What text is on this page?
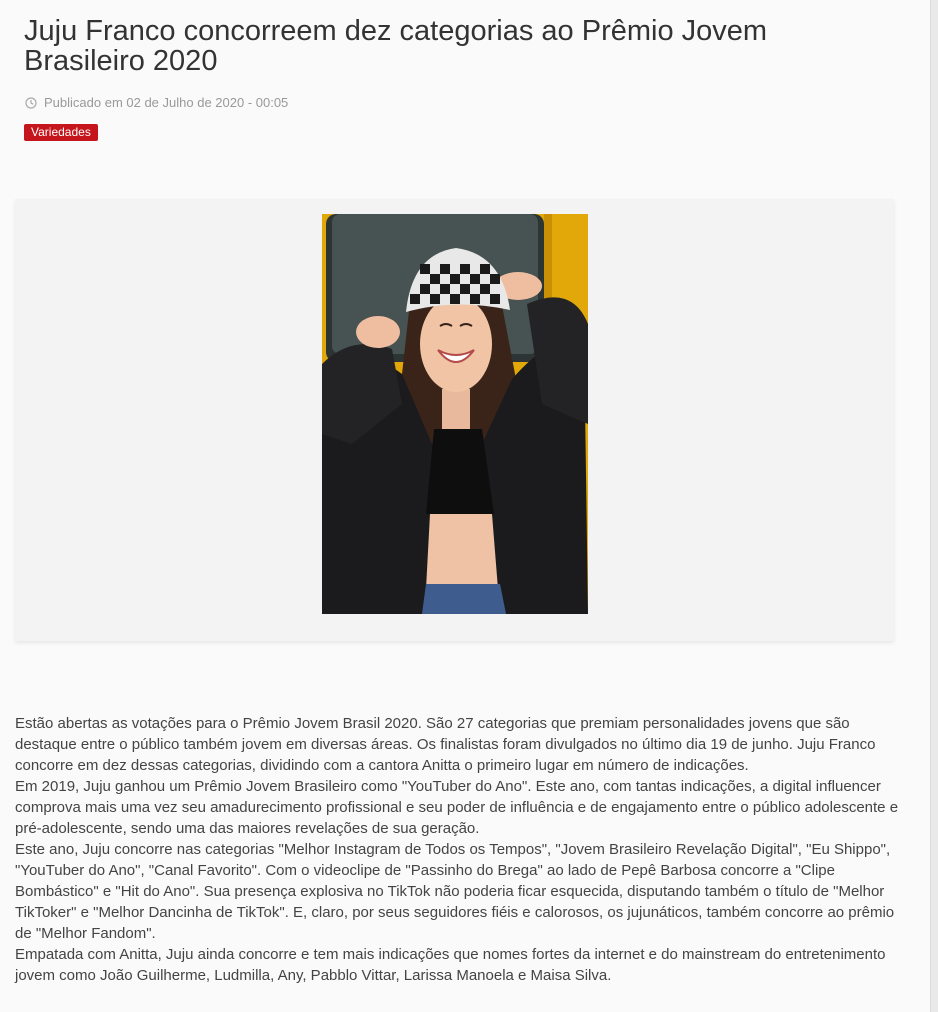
Juju Franco concorreem dez categorias ao Prêmio Jovem Brasileiro 2020
Publicado em 02 de Julho de 2020 - 00:05
Variedades

Estão abertas as votações para o Prêmio Jovem Brasil 2020. São 27 categorias que premiam personalidades jovens que são destaque entre o público também jovem em diversas áreas. Os finalistas foram divulgados no último dia 19 de junho. Juju Franco concorre em dez dessas categorias, dividindo com a cantora Anitta o primeiro lugar em número de indicações.

Em 2019, Juju ganhou um Prêmio Jovem Brasileiro como "YouTuber do Ano". Este ano, com tantas indicações, a digital influencer comprova mais uma vez seu amadurecimento profissional e seu poder de influência e de engajamento entre o público adolescente e pré-adolescente, sendo uma das maiores revelações de sua geração.

Este ano, Juju concorre nas categorias "Melhor Instagram de Todos os Tempos", "Jovem Brasileiro Revelação Digital", "Eu Shippo", "YouTuber do Ano", "Canal Favorito". Com o videoclipe de "Passinho do Brega" ao lado de Pepê Barbosa concorre a "Clipe Bombástico" e "Hit do Ano". Sua presença explosiva no TikTok não poderia ficar esquecida, disputando também o título de "Melhor TikToker" e "Melhor Dancinha de TikTok". E, claro, por seus seguidores fiéis e calorosos, os jujunáticos, também concorre ao prêmio de "Melhor Fandom".

Empatada com Anitta, Juju ainda concorre e tem mais indicações que nomes fortes da internet e do mainstream do entretenimento jovem como João Guilherme, Ludmilla, Any, Pabblo Vittar, Larissa Manoela e Maisa Silva.
